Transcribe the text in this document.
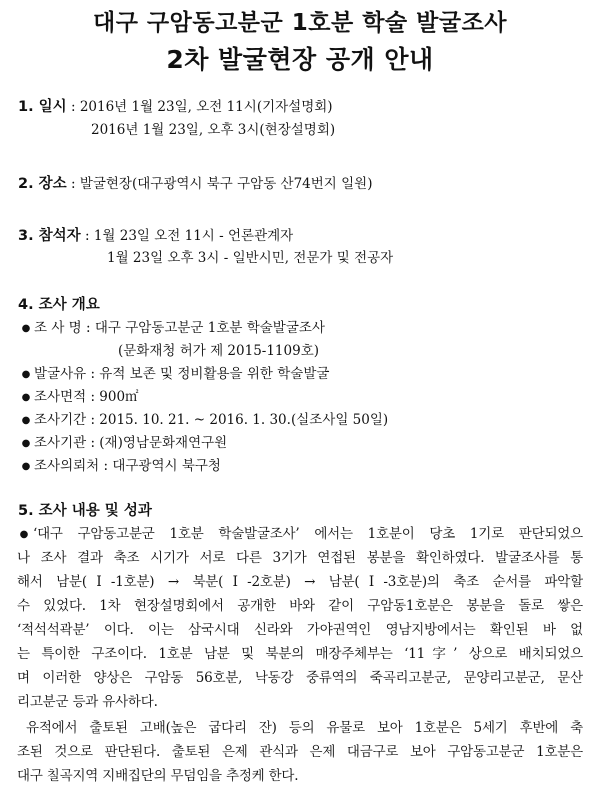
대구 구암동고분군 1호분 학술 발굴조사
2차 발굴현장 공개 안내
1. 일시 : 2016년 1월 23일, 오전 11시(기자설명회)
2016년 1월 23일, 오후 3시(현장설명회)
2. 장소 : 발굴현장(대구광역시 북구 구암동 산74번지 일원)
3. 참석자 : 1월 23일 오전 11시 - 언론관계자
1월 23일 오후 3시 - 일반시민, 전문가 및 전공자
4. 조사 개요
● 조 사 명 : 대구 구암동고분군 1호분 학술발굴조사
(문화재청 허가 제 2015-1109호)
● 발굴사유 : 유적 보존 및 정비활용을 위한 학술발굴
● 조사면적 : 900㎡
● 조사기간 : 2015. 10. 21. ~ 2016. 1. 30.(실조사일 50일)
● 조사기관 : (재)영남문화재연구원
● 조사의뢰처 : 대구광역시 북구청
5. 조사 내용 및 성과
● ‘대구 구암동고분군 1호분 학술발굴조사’ 에서는 1호분이 당초 1기로 판단되었으
나 조사 결과 축조 시기가 서로 다른 3기가 연접된 봉분을 확인하였다. 발굴조사를 통
해서 남분(Ⅰ-1호분) → 북분(Ⅰ-2호분) → 남분(Ⅰ-3호분)의 축조 순서를 파악할
수 있었다. 1차 현장설명회에서 공개한 바와 같이 구암동1호분은 봉분을 돌로 쌓은
‘적석석곽분’ 이다. 이는 삼국시대 신라와 가야권역인 영남지방에서는 확인된 바 없
는 특이한 구조이다. 1호분 남분 및 북분의 매장주체부는 ‘11字’ 상으로 배치되었으
며 이러한 양상은 구암동 56호분, 낙동강 중류역의 죽곡리고분군, 문양리고분군, 문산
리고분군 등과 유사하다.
유적에서 출토된 고배(높은 굽다리 잔) 등의 유물로 보아 1호분은 5세기 후반에 축
조된 것으로 판단된다. 출토된 은제 관식과 은제 대금구로 보아 구암동고분군 1호분은
대구 칠곡지역 지배집단의 무덤임을 추정케 한다.
